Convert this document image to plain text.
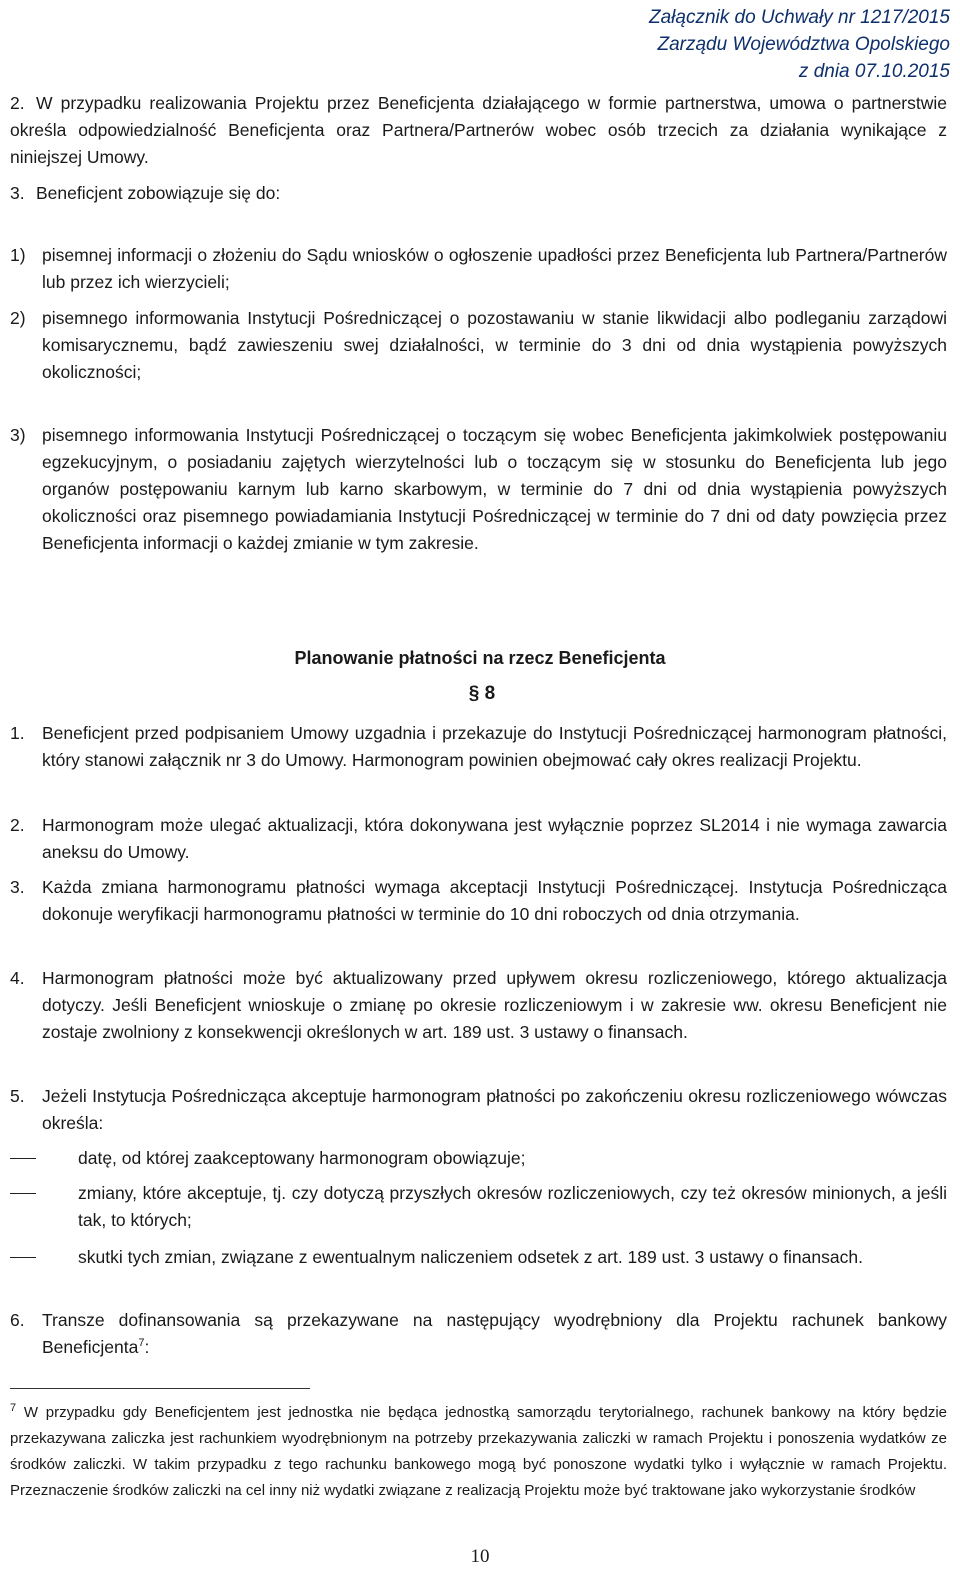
Załącznik do Uchwały nr 1217/2015
Zarządu Województwa Opolskiego
z dnia 07.10.2015
2. W przypadku realizowania Projektu przez Beneficjenta działającego w formie partnerstwa, umowa o partnerstwie określa odpowiedzialność Beneficjenta oraz Partnera/Partnerów wobec osób trzecich za działania wynikające z niniejszej Umowy.
3. Beneficjent zobowiązuje się do:
1) pisemnej informacji o złożeniu do Sądu wniosków o ogłoszenie upadłości przez Beneficjenta lub Partnera/Partnerów lub przez ich wierzycieli;
2) pisemnego informowania Instytucji Pośredniczącej o pozostawaniu w stanie likwidacji albo podleganiu zarządowi komisarycznemu, bądź zawieszeniu swej działalności, w terminie do 3 dni od dnia wystąpienia powyższych okoliczności;
3) pisemnego informowania Instytucji Pośredniczącej o toczącym się wobec Beneficjenta jakimkolwiek postępowaniu egzekucyjnym, o posiadaniu zajętych wierzytelności lub o toczącym się w stosunku do Beneficjenta lub jego organów postępowaniu karnym lub karno skarbowym, w terminie do 7 dni od dnia wystąpienia powyższych okoliczności oraz pisemnego powiadamiania Instytucji Pośredniczącej w terminie do 7 dni od daty powzięcia przez Beneficjenta informacji o każdej zmianie w tym zakresie.
Planowanie płatności na rzecz Beneficjenta
§ 8
1. Beneficjent przed podpisaniem Umowy uzgadnia i przekazuje do Instytucji Pośredniczącej harmonogram płatności, który stanowi załącznik nr 3 do Umowy. Harmonogram powinien obejmować cały okres realizacji Projektu.
2. Harmonogram może ulegać aktualizacji, która dokonywana jest wyłącznie poprzez SL2014 i nie wymaga zawarcia aneksu do Umowy.
3. Każda zmiana harmonogramu płatności wymaga akceptacji Instytucji Pośredniczącej. Instytucja Pośrednicząca dokonuje weryfikacji harmonogramu płatności w terminie do 10 dni roboczych od dnia otrzymania.
4. Harmonogram płatności może być aktualizowany przed upływem okresu rozliczeniowego, którego aktualizacja dotyczy. Jeśli Beneficjent wnioskuje o zmianę po okresie rozliczeniowym i w zakresie ww. okresu Beneficjent nie zostaje zwolniony z konsekwencji określonych w art. 189 ust. 3 ustawy o finansach.
5. Jeżeli Instytucja Pośrednicząca akceptuje harmonogram płatności po zakończeniu okresu rozliczeniowego wówczas określa:
datę, od której zaakceptowany harmonogram obowiązuje;
zmiany, które akceptuje, tj. czy dotyczą przyszłych okresów rozliczeniowych, czy też okresów minionych, a jeśli tak, to których;
skutki tych zmian, związane z ewentualnym naliczeniem odsetek z art. 189 ust. 3 ustawy o finansach.
6. Transze dofinansowania są przekazywane na następujący wyodrębniony dla Projektu rachunek bankowy Beneficjenta$^7$:
$^7$ W przypadku gdy Beneficjentem jest jednostka nie będąca jednostką samorządu terytorialnego, rachunek bankowy na który będzie przekazywana zaliczka jest rachunkiem wyodrębnionym na potrzeby przekazywania zaliczki w ramach Projektu i ponoszenia wydatków ze środków zaliczki. W takim przypadku z tego rachunku bankowego mogą być ponoszone wydatki tylko i wyłącznie w ramach Projektu. Przeznaczenie środków zaliczki na cel inny niż wydatki związane z realizacją Projektu może być traktowane jako wykorzystanie środków
10
